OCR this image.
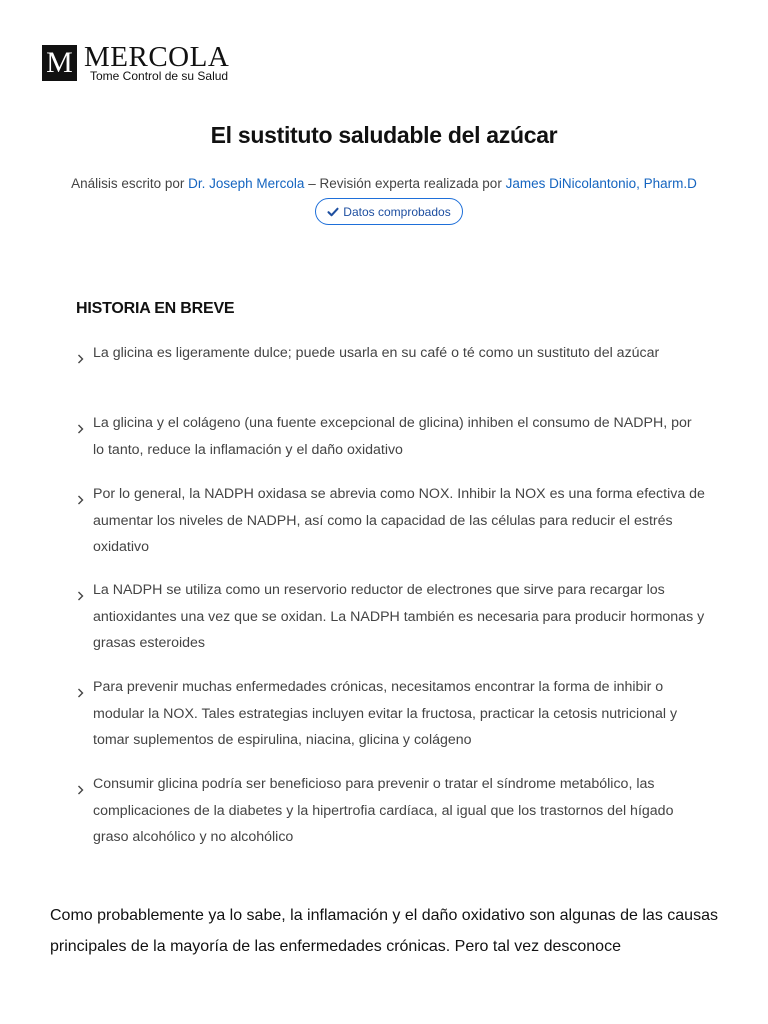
M MERCOLA
Tome Control de su Salud
El sustituto saludable del azúcar
Análisis escrito por Dr. Joseph Mercola – Revisión experta realizada por James DiNicolantonio, Pharm.D
Datos comprobados
HISTORIA EN BREVE
La glicina es ligeramente dulce; puede usarla en su café o té como un sustituto del azúcar
La glicina y el colágeno (una fuente excepcional de glicina) inhiben el consumo de NADPH, por lo tanto, reduce la inflamación y el daño oxidativo
Por lo general, la NADPH oxidasa se abrevia como NOX. Inhibir la NOX es una forma efectiva de aumentar los niveles de NADPH, así como la capacidad de las células para reducir el estrés oxidativo
La NADPH se utiliza como un reservorio reductor de electrones que sirve para recargar los antioxidantes una vez que se oxidan. La NADPH también es necesaria para producir hormonas y grasas esteroides
Para prevenir muchas enfermedades crónicas, necesitamos encontrar la forma de inhibir o modular la NOX. Tales estrategias incluyen evitar la fructosa, practicar la cetosis nutricional y tomar suplementos de espirulina, niacina, glicina y colágeno
Consumir glicina podría ser beneficioso para prevenir o tratar el síndrome metabólico, las complicaciones de la diabetes y la hipertrofia cardíaca, al igual que los trastornos del hígado graso alcohólico y no alcohólico

Como probablemente ya lo sabe, la inflamación y el daño oxidativo son algunas de las causas principales de la mayoría de las enfermedades crónicas. Pero tal vez desconoce
